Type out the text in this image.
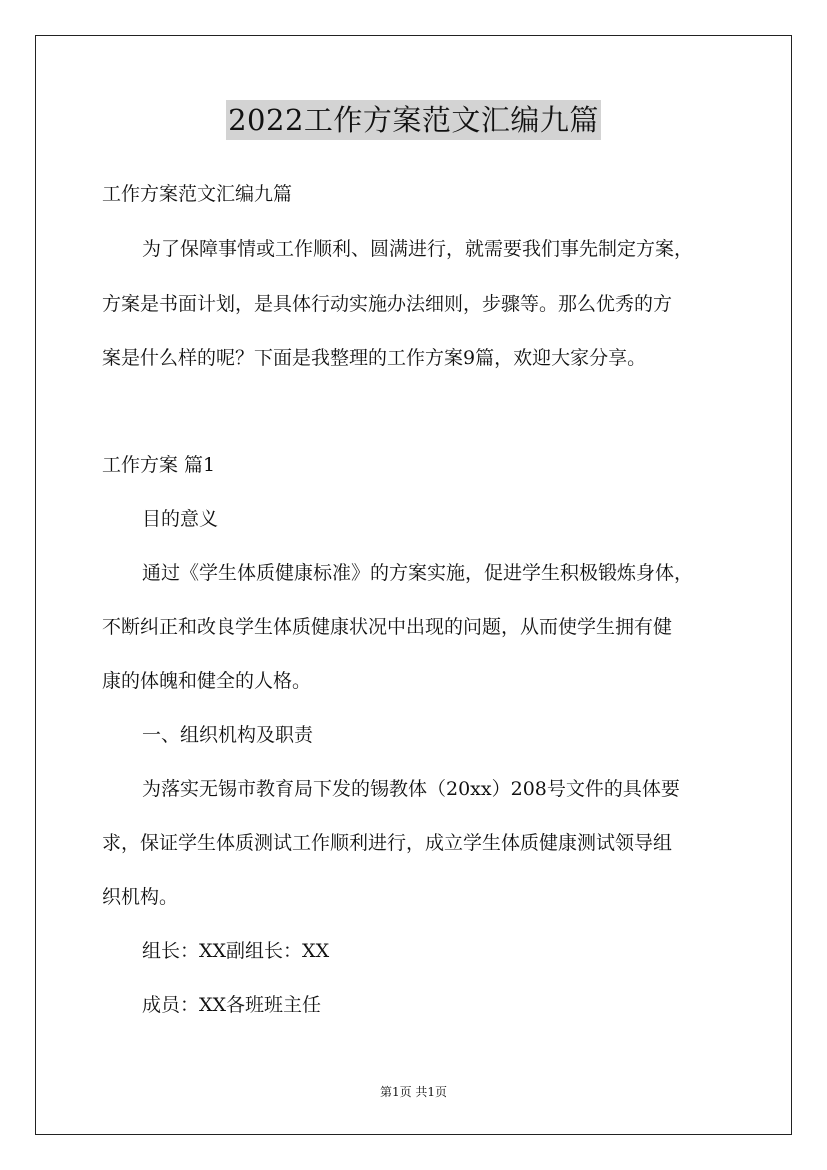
2022工作方案范文汇编九篇
工作方案范文汇编九篇
为了保障事情或工作顺利、圆满进行，就需要我们事先制定方案，
方案是书面计划，是具体行动实施办法细则，步骤等。那么优秀的方
案是什么样的呢？下面是我整理的工作方案9篇，欢迎大家分享。
工作方案 篇1
目的意义
通过《学生体质健康标准》的方案实施，促进学生积极锻炼身体，
不断纠正和改良学生体质健康状况中出现的问题，从而使学生拥有健
康的体魄和健全的人格。
一、组织机构及职责
为落实无锡市教育局下发的锡教体（20xx）208号文件的具体要
求，保证学生体质测试工作顺利进行，成立学生体质健康测试领导组
织机构。
组长：XX副组长：XX
成员：XX各班班主任
第1页 共1页
